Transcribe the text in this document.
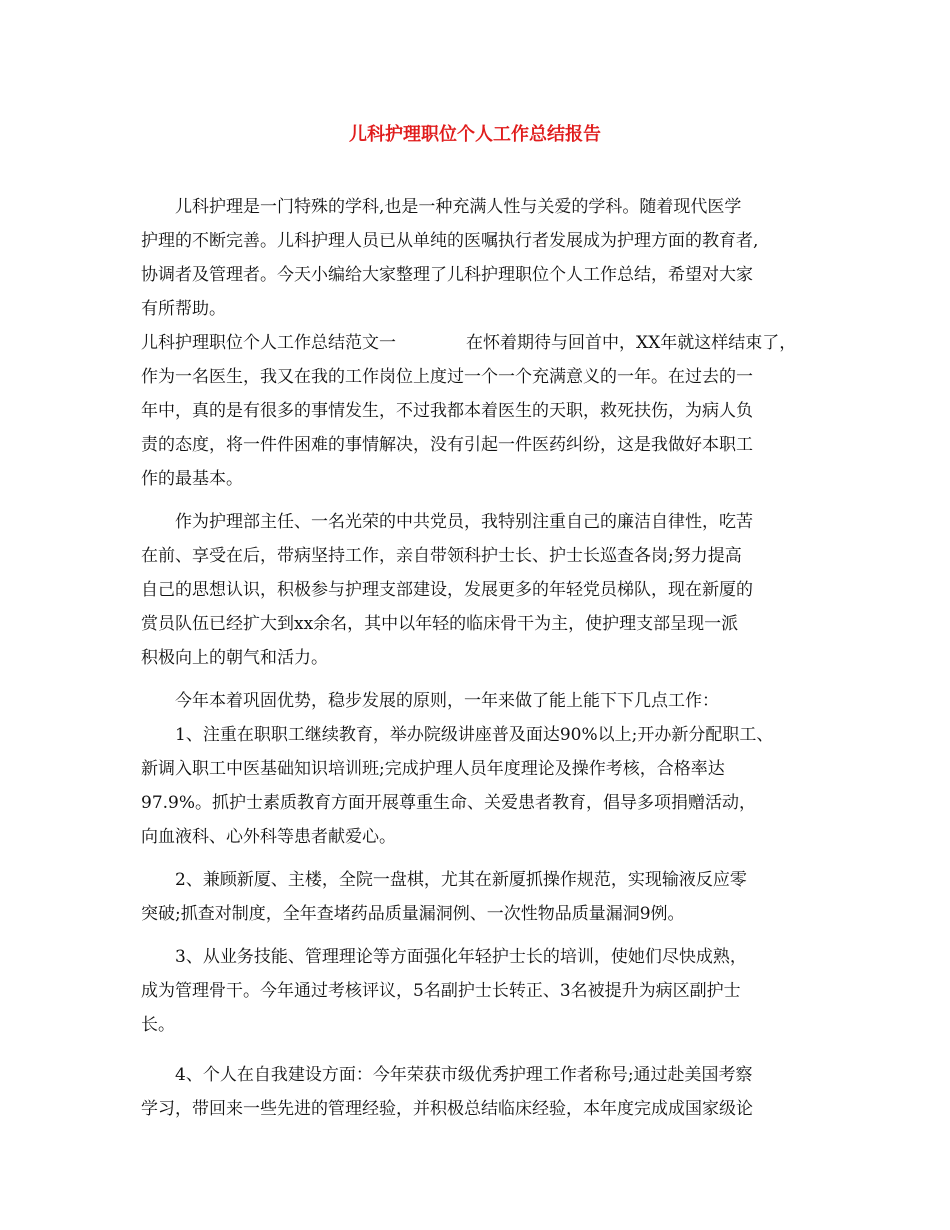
儿科护理职位个人工作总结报告
儿科护理是一门特殊的学科,也是一种充满人性与关爱的学科。随着现代医学
护理的不断完善。儿科护理人员已从单纯的医嘱执行者发展成为护理方面的教育者,
协调者及管理者。今天小编给大家整理了儿科护理职位个人工作总结，希望对大家
有所帮助。
儿科护理职位个人工作总结范文一	在怀着期待与回首中，XX年就这样结束了，
作为一名医生，我又在我的工作岗位上度过一个一个充满意义的一年。在过去的一
年中，真的是有很多的事情发生，不过我都本着医生的天职，救死扶伤，为病人负
责的态度，将一件件困难的事情解决，没有引起一件医药纠纷，这是我做好本职工
作的最基本。
作为护理部主任、一名光荣的中共党员，我特别注重自己的廉洁自律性，吃苦
在前、享受在后，带病坚持工作，亲自带领科护士长、护士长巡查各岗;努力提高
自己的思想认识，积极参与护理支部建设，发展更多的年轻党员梯队，现在新厦的
赏员队伍已经扩大到xx余名，其中以年轻的临床骨干为主，使护理支部呈现一派
积极向上的朝气和活力。
今年本着巩固优势，稳步发展的原则，一年来做了能上能下下几点工作：
1、注重在职职工继续教育，举办院级讲座普及面达90%以上;开办新分配职工、
新调入职工中医基础知识培训班;完成护理人员年度理论及操作考核，合格率达
97.9%。抓护士素质教育方面开展尊重生命、关爱患者教育，倡导多项捐赠活动，
向血液科、心外科等患者献爱心。
2、兼顾新厦、主楼，全院一盘棋，尤其在新厦抓操作规范，实现输液反应零
突破;抓查对制度，全年查堵药品质量漏洞例、一次性物品质量漏洞9例。
3、从业务技能、管理理论等方面强化年轻护士长的培训，使她们尽快成熟，
成为管理骨干。今年通过考核评议，5名副护士长转正、3名被提升为病区副护士
长。
4、个人在自我建设方面：今年荣获市级优秀护理工作者称号;通过赴美国考察
学习，带回来一些先进的管理经验，并积极总结临床经验，本年度完成成国家级论
